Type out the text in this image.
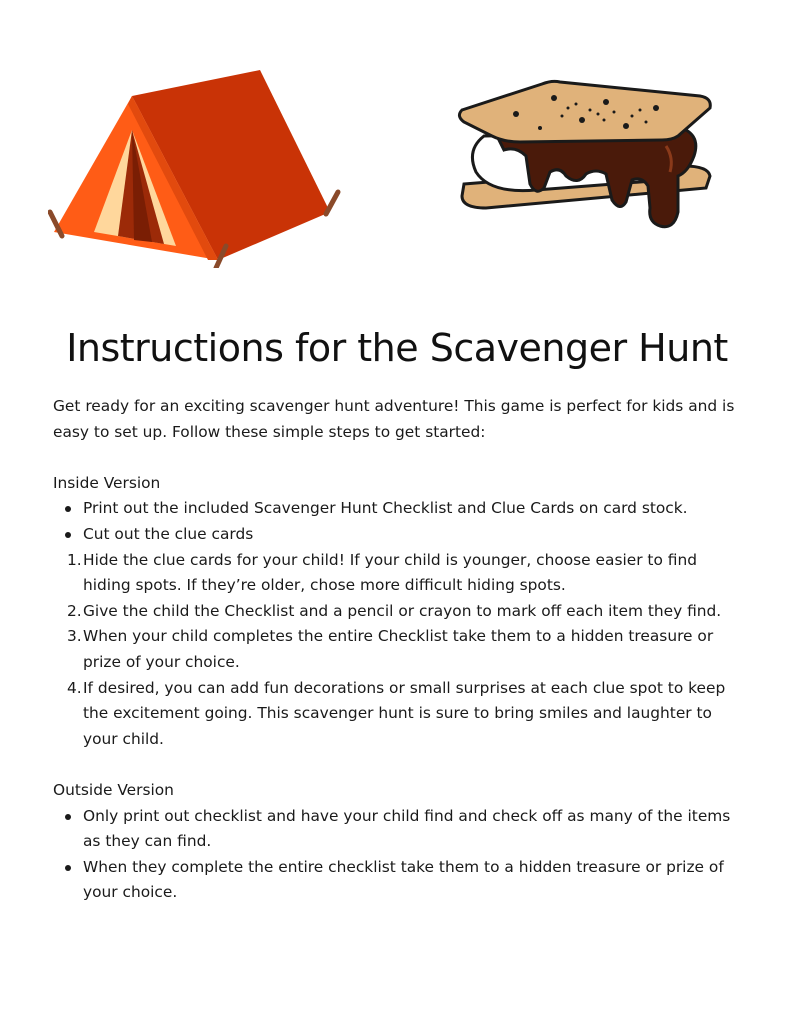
Instructions for the Scavenger Hunt

Get ready for an exciting scavenger hunt adventure! This game is perfect for kids and is easy to set up. Follow these simple steps to get started:

Inside Version

Print out the included Scavenger Hunt Checklist and Clue Cards on card stock.
Cut out the clue cards
1. Hide the clue cards for your child! If your child is younger, choose easier to find hiding spots. If they’re older, chose more difficult hiding spots.
2. Give the child the Checklist and a pencil or crayon to mark off each item they find.
3. When your child completes the entire Checklist take them to a hidden treasure or prize of your choice.
4. If desired, you can add fun decorations or small surprises at each clue spot to keep the excitement going. This scavenger hunt is sure to bring smiles and laughter to your child.

Outside Version

Only print out checklist and have your child find and check off as many of the items as they can find.
When they complete the entire checklist take them to a hidden treasure or prize of your choice.
